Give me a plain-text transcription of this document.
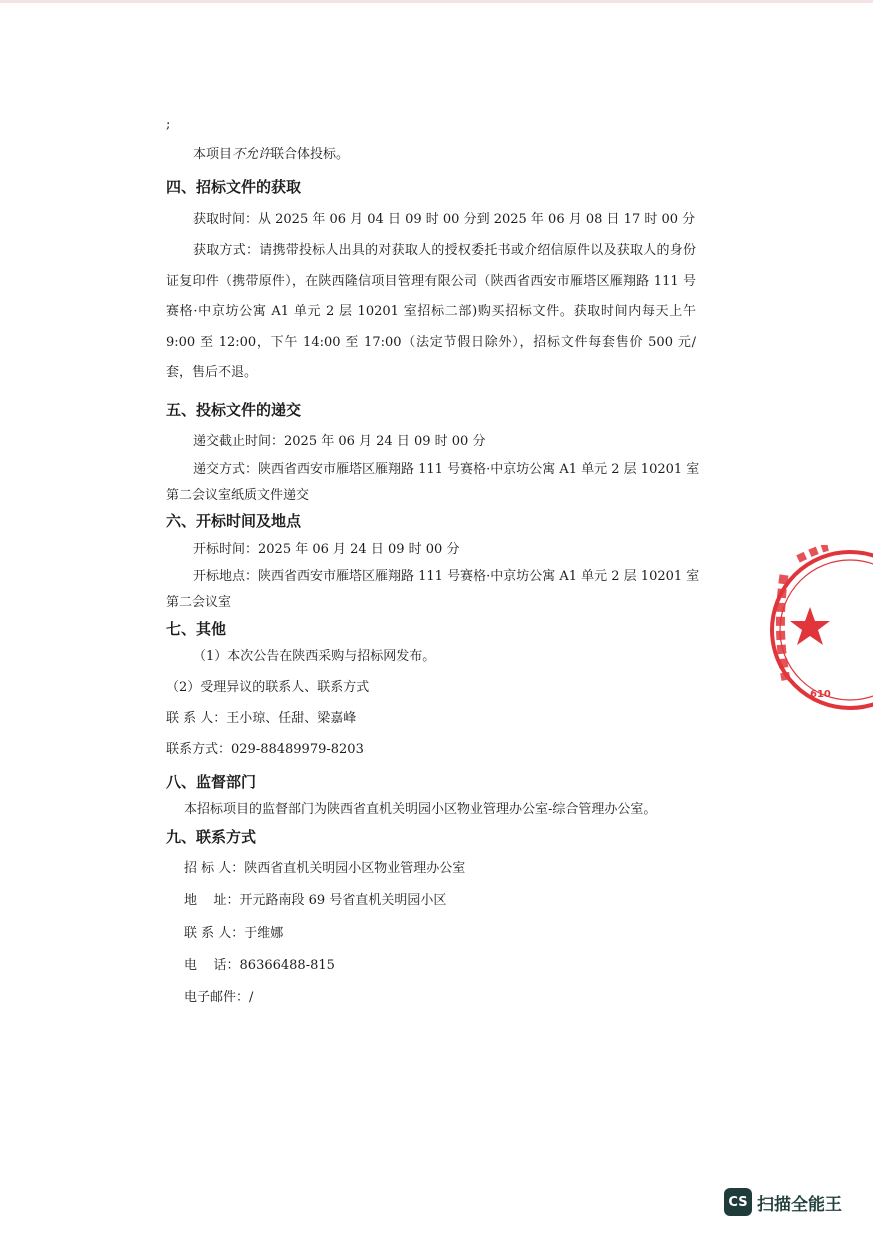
;
本项目不允许联合体投标。
四、招标文件的获取
获取时间：从 2025 年 06 月 04 日 09 时 00 分到 2025 年 06 月 08 日 17 时 00 分
获取方式：请携带投标人出具的对获取人的授权委托书或介绍信原件以及获取人的身份证复印件（携带原件），在陕西隆信项目管理有限公司（陕西省西安市雁塔区雁翔路 111 号赛格·中京坊公寓 A1 单元 2 层 10201 室招标二部)购买招标文件。获取时间内每天上午 9:00 至 12:00，下午 14:00 至 17:00（法定节假日除外），招标文件每套售价 500 元/套，售后不退。
五、投标文件的递交
递交截止时间：2025 年 06 月 24 日 09 时 00 分
递交方式：陕西省西安市雁塔区雁翔路 111 号赛格·中京坊公寓 A1 单元 2 层 10201 室
第二会议室纸质文件递交
六、开标时间及地点
开标时间：2025 年 06 月 24 日 09 时 00 分
开标地点：陕西省西安市雁塔区雁翔路 111 号赛格·中京坊公寓 A1 单元 2 层 10201 室
第二会议室
七、其他
（1）本次公告在陕西采购与招标网发布。
（2）受理异议的联系人、联系方式
联 系 人：王小琼、任甜、梁嘉峰
联系方式：029-88489979-8203
八、监督部门
本招标项目的监督部门为陕西省直机关明园小区物业管理办公室-综合管理办公室。
九、联系方式
招 标 人：陕西省直机关明园小区物业管理办公室
地    址：开元路南段 69 号省直机关明园小区
联 系 人：于维娜
电    话：86366488-815
电子邮件：/
610
CS 扫描全能王
